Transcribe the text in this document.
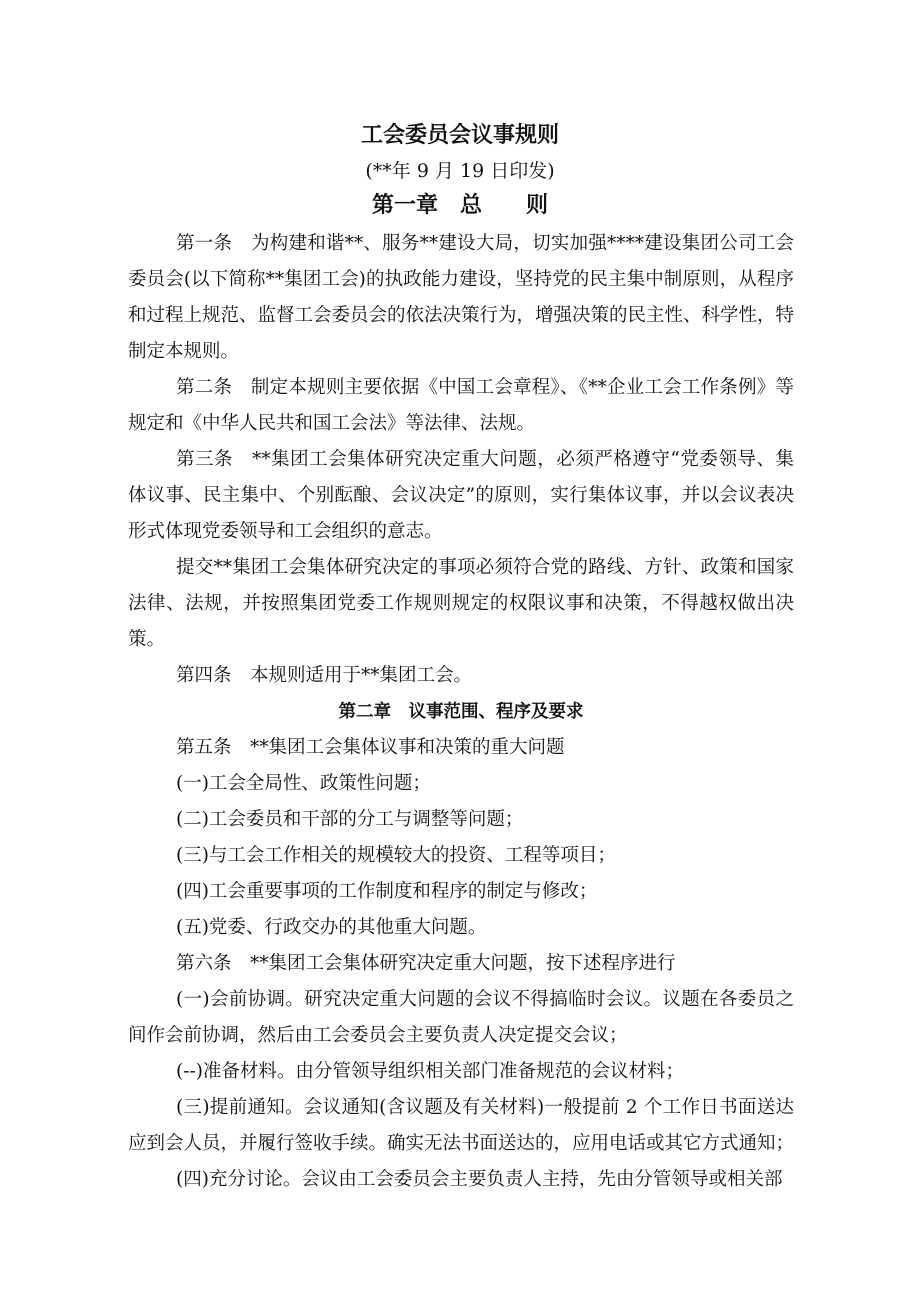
工会委员会议事规则
(**年 9 月 19 日印发)
第一章　总　　则

第一条　为构建和谐**、服务**建设大局，切实加强****建设集团公司工会委员会(以下简称**集团工会)的执政能力建设，坚持党的民主集中制原则，从程序和过程上规范、监督工会委员会的依法决策行为，增强决策的民主性、科学性，特制定本规则。

第二条　制定本规则主要依据《中国工会章程》、《**企业工会工作条例》等规定和《中华人民共和国工会法》等法律、法规。

第三条　**集团工会集体研究决定重大问题，必须严格遵守“党委领导、集体议事、民主集中、个别酝酿、会议决定”的原则，实行集体议事，并以会议表决形式体现党委领导和工会组织的意志。

提交**集团工会集体研究决定的事项必须符合党的路线、方针、政策和国家法律、法规，并按照集团党委工作规则规定的权限议事和决策，不得越权做出决策。

第四条　本规则适用于**集团工会。

第二章　议事范围、程序及要求

第五条　**集团工会集体议事和决策的重大问题

(一)工会全局性、政策性问题；

(二)工会委员和干部的分工与调整等问题；

(三)与工会工作相关的规模较大的投资、工程等项目；

(四)工会重要事项的工作制度和程序的制定与修改；

(五)党委、行政交办的其他重大问题。

第六条　**集团工会集体研究决定重大问题，按下述程序进行

(一)会前协调。研究决定重大问题的会议不得搞临时会议。议题在各委员之间作会前协调，然后由工会委员会主要负责人决定提交会议；

(--)准备材料。由分管领导组织相关部门准备规范的会议材料；

(三)提前通知。会议通知(含议题及有关材料)一般提前 2 个工作日书面送达应到会人员，并履行签收手续。确实无法书面送达的，应用电话或其它方式通知；

(四)充分讨论。会议由工会委员会主要负责人主持，先由分管领导或相关部
